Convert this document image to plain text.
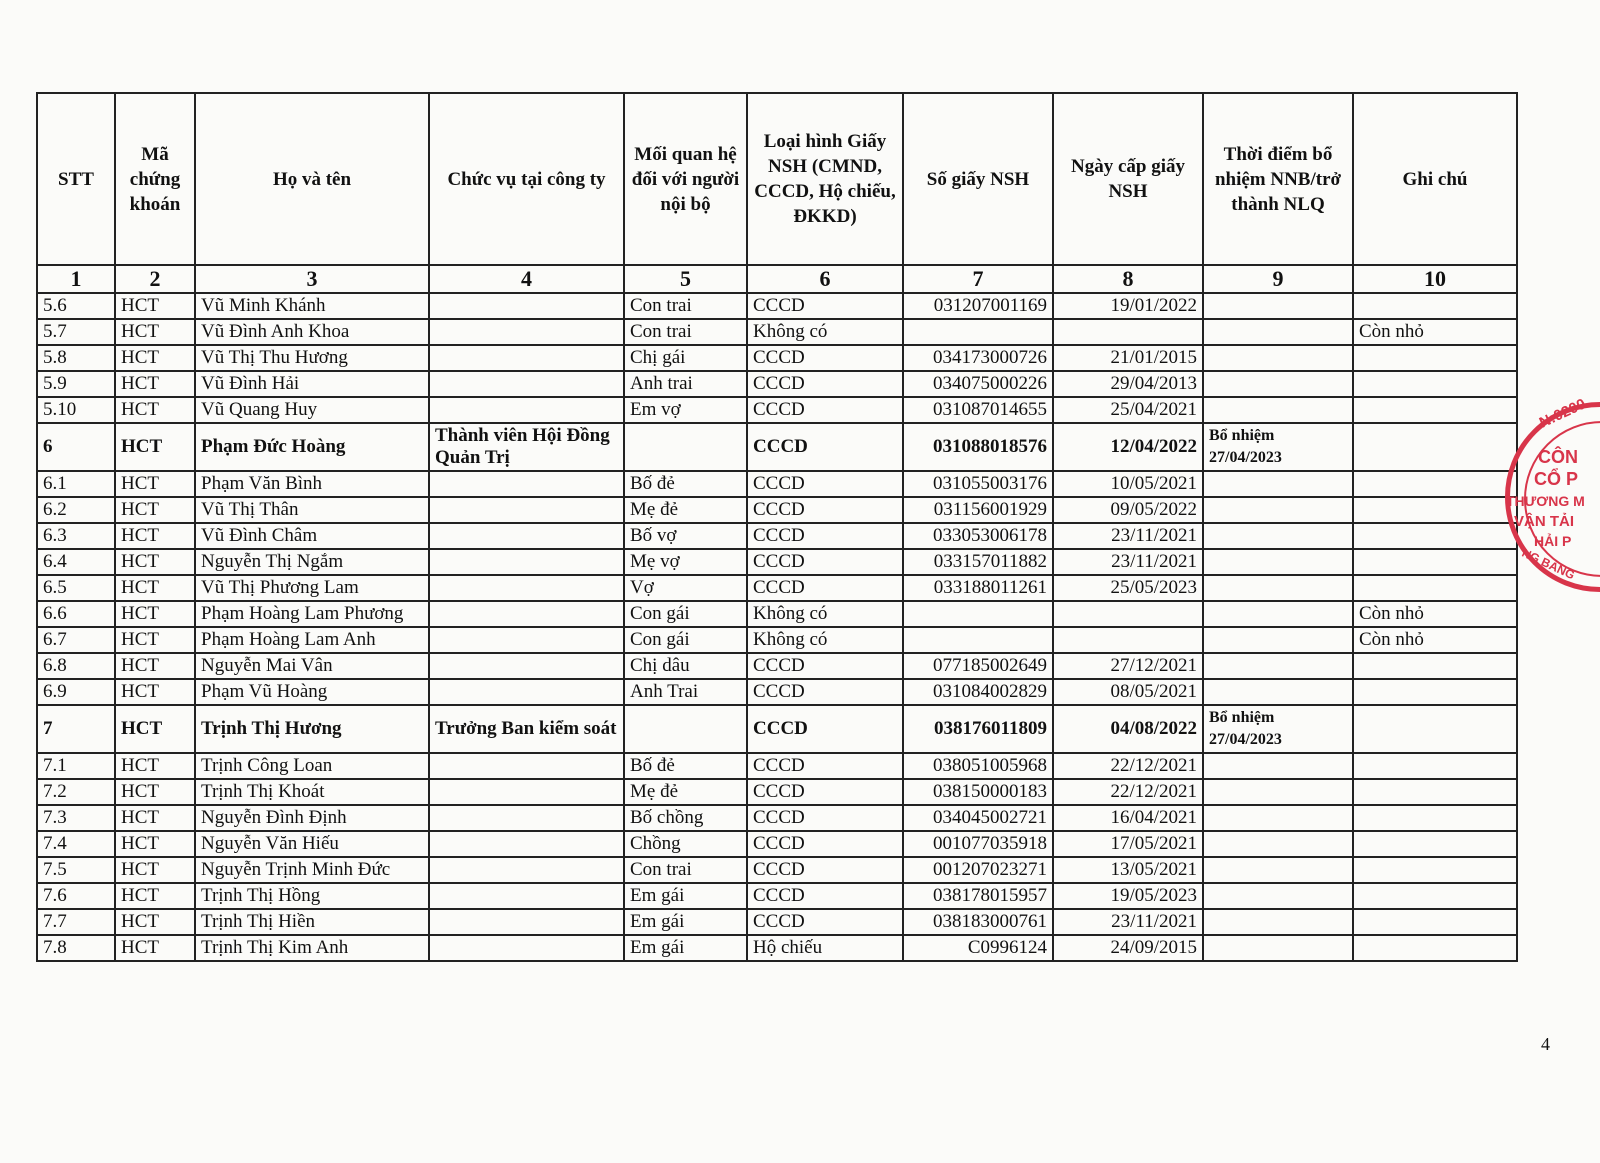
STT	Mã chứng khoán	Họ và tên	Chức vụ tại công ty	Mối quan hệ đối với người nội bộ	Loại hình Giấy NSH (CMND, CCCD, Hộ chiếu, ĐKKD)	Số giấy NSH	Ngày cấp giấy NSH	Thời điểm bổ nhiệm NNB/trở thành NLQ	Ghi chú
1	2	3	4	5	6	7	8	9	10
5.6	HCT	Vũ Minh Khánh		Con trai	CCCD	031207001169	19/01/2022		
5.7	HCT	Vũ Đình Anh Khoa		Con trai	Không có				Còn nhỏ
5.8	HCT	Vũ Thị Thu Hương		Chị gái	CCCD	034173000726	21/01/2015		
5.9	HCT	Vũ Đình Hải		Anh trai	CCCD	034075000226	29/04/2013		
5.10	HCT	Vũ Quang Huy		Em vợ	CCCD	031087014655	25/04/2021		
6	HCT	Phạm Đức Hoàng	Thành viên Hội Đồng Quản Trị		CCCD	031088018576	12/04/2022	Bổ nhiệm 27/04/2023	
6.1	HCT	Phạm Văn Bình		Bố đẻ	CCCD	031055003176	10/05/2021		
6.2	HCT	Vũ Thị Thân		Mẹ đẻ	CCCD	031156001929	09/05/2022		
6.3	HCT	Vũ Đình Châm		Bố vợ	CCCD	033053006178	23/11/2021		
6.4	HCT	Nguyễn Thị Ngắm		Mẹ vợ	CCCD	033157011882	23/11/2021		
6.5	HCT	Vũ Thị Phương Lam		Vợ	CCCD	033188011261	25/05/2023		
6.6	HCT	Phạm Hoàng Lam Phương		Con gái	Không có				Còn nhỏ
6.7	HCT	Phạm Hoàng Lam Anh		Con gái	Không có				Còn nhỏ
6.8	HCT	Nguyễn Mai Vân		Chị dâu	CCCD	077185002649	27/12/2021		
6.9	HCT	Phạm Vũ Hoàng		Anh Trai	CCCD	031084002829	08/05/2021		
7	HCT	Trịnh Thị Hương	Trưởng Ban kiểm soát		CCCD	038176011809	04/08/2022	Bổ nhiệm 27/04/2023	
7.1	HCT	Trịnh Công Loan		Bố đẻ	CCCD	038051005968	22/12/2021		
7.2	HCT	Trịnh Thị Khoát		Mẹ đẻ	CCCD	038150000183	22/12/2021		
7.3	HCT	Nguyễn Đình Định		Bố chồng	CCCD	034045002721	16/04/2021		
7.4	HCT	Nguyễn Văn Hiếu		Chồng	CCCD	001077035918	17/05/2021		
7.5	HCT	Nguyễn Trịnh Minh Đức		Con trai	CCCD	001207023271	13/05/2021		
7.6	HCT	Trịnh Thị Hồng		Em gái	CCCD	038178015957	19/05/2023		
7.7	HCT	Trịnh Thị Hiền		Em gái	CCCD	038183000761	23/11/2021		
7.8	HCT	Trịnh Thị Kim Anh		Em gái	Hộ chiếu	C0996124	24/09/2015		
4
N:0200
CÔN
CỔ P
THƯƠNG M
VẬN TẢI
HẢI P
NG BÀNG
